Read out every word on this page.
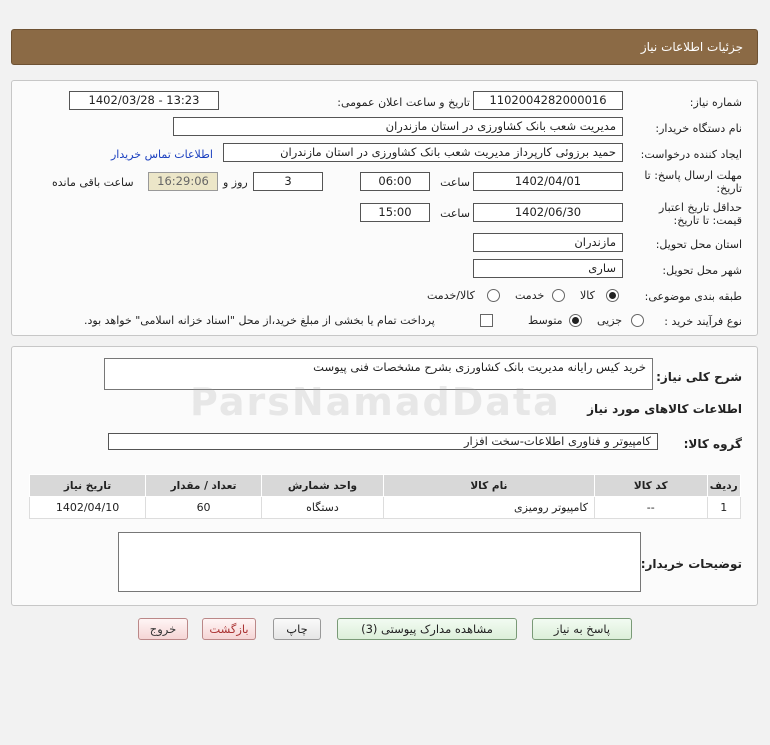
جزئیات اطلاعات نیاز
شماره نیاز:
1102004282000016
تاریخ و ساعت اعلان عمومی:
1402/03/28 - 13:23
نام دستگاه خریدار:
مدیریت شعب بانک کشاورزی در استان مازندران
ایجاد کننده درخواست:
حمید برزوئی کارپرداز مدیریت شعب بانک کشاورزی در استان مازندران
اطلاعات تماس خریدار
مهلت ارسال پاسخ: تا
تاریخ:
1402/04/01
ساعت
06:00
3
روز و
16:29:06
ساعت باقی مانده
حداقل تاریخ اعتبار
قیمت: تا تاریخ:
1402/06/30
ساعت
15:00
استان محل تحویل:
مازندران
شهر محل تحویل:
ساری
طبقه بندی موضوعی:
کالا
خدمت
کالا/خدمت
نوع فرآیند خرید :
جزیی
متوسط
پرداخت تمام یا بخشی از مبلغ خرید،از محل "اسناد خزانه اسلامی" خواهد بود.
شرح کلی نیاز:
خرید کیس رایانه مدیریت بانک کشاورزی بشرح مشخصات فنی پیوست
اطلاعات کالاهای مورد نیاز
گروه کالا:
کامپیوتر و فناوری اطلاعات-سخت افزار
ردیف	کد کالا	نام کالا	واحد شمارش	تعداد / مقدار	تاریخ نیاز
1	--	کامپیوتر رومیزی	دستگاه	60	1402/04/10
توضیحات خریدار:
ParsNamadData
پاسخ به نیاز
مشاهده مدارک پیوستی (3)
چاپ
بازگشت
خروج
